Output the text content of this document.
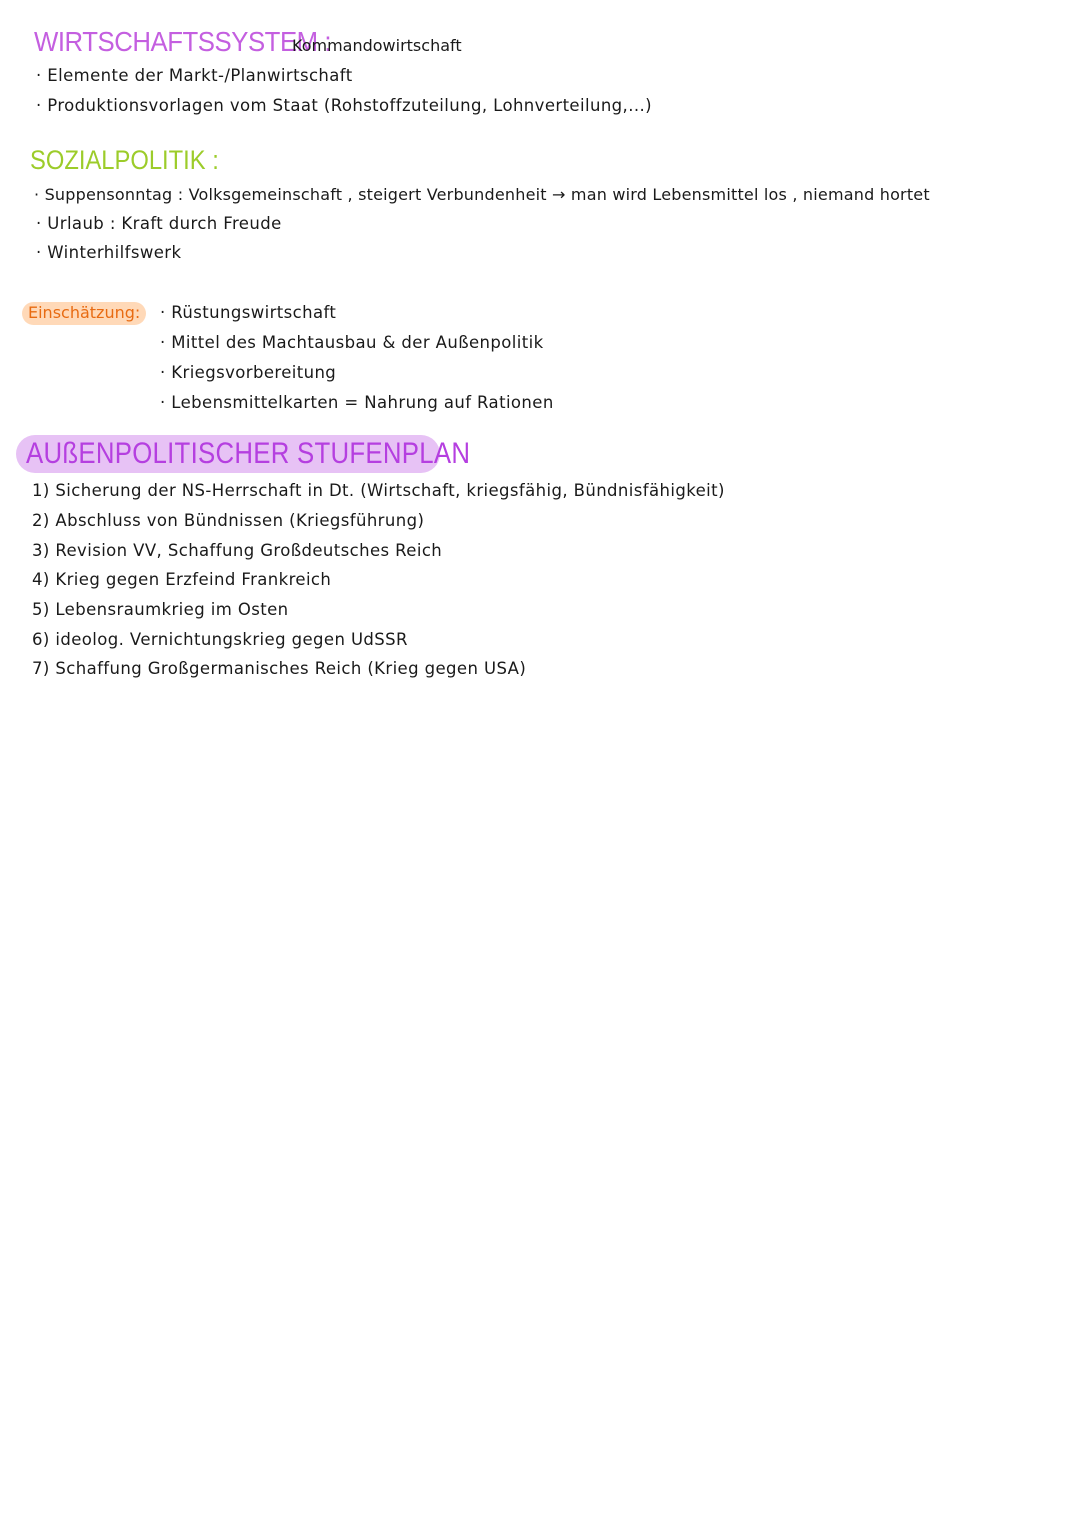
WIRTSCHAFTSSYSTEM :
Kommandowirtschaft
· Elemente der Markt-/Planwirtschaft
· Produktionsvorlagen vom Staat (Rohstoffzuteilung, Lohnverteilung,...)
SOZIALPOLITIK :
· Suppensonntag : Volksgemeinschaft , steigert Verbundenheit → man wird Lebensmittel los , niemand hortet
· Urlaub : Kraft durch Freude
· Winterhilfswerk
Einschätzung:	· Rüstungswirtschaft
· Mittel des Machtausbau & der Außenpolitik
· Kriegsvorbereitung
· Lebensmittelkarten = Nahrung auf Rationen
AUßENPOLITISCHER STUFENPLAN
1) Sicherung der NS-Herrschaft in Dt. (Wirtschaft, kriegsfähig, Bündnisfähigkeit)
2) Abschluss von Bündnissen (Kriegsführung)
3) Revision VV, Schaffung Großdeutsches Reich
4) Krieg gegen Erzfeind Frankreich
5) Lebensraumkrieg im Osten
6) ideolog. Vernichtungskrieg gegen UdSSR
7) Schaffung Großgermanisches Reich (Krieg gegen USA)
